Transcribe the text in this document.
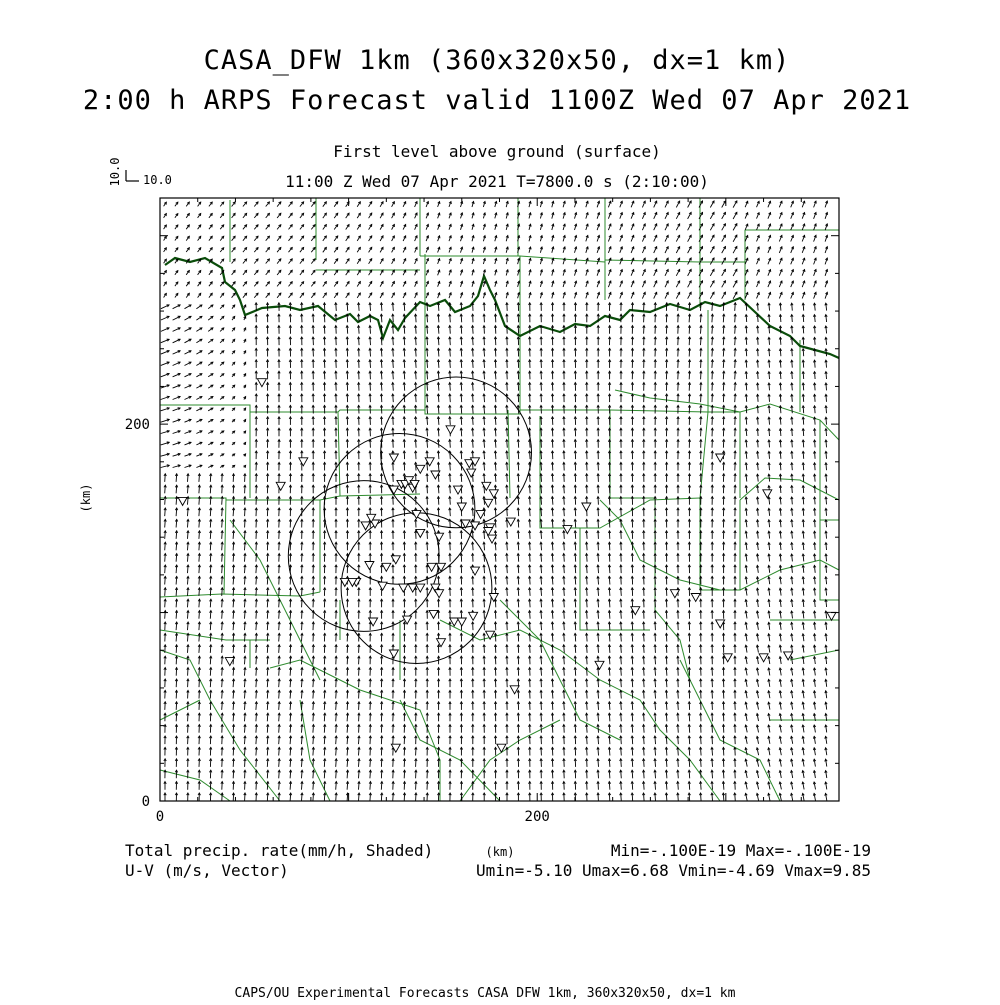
CASA_DFW 1km (360x320x50, dx=1 km)
2:00 h ARPS Forecast valid 1100Z Wed 07 Apr 2021
First level above ground (surface)
11:00 Z Wed 07 Apr 2021 T=7800.0 s (2:10:00)
10.0 10.0
(km)
(km)
0	200
0
200
Total precip. rate(mm/h, Shaded)
U-V (m/s, Vector)
Min=-.100E-19 Max=-.100E-19
Umin=-5.10 Umax=6.68 Vmin=-4.69 Vmax=9.85
CAPS/OU Experimental Forecasts CASA DFW 1km, 360x320x50, dx=1 km
